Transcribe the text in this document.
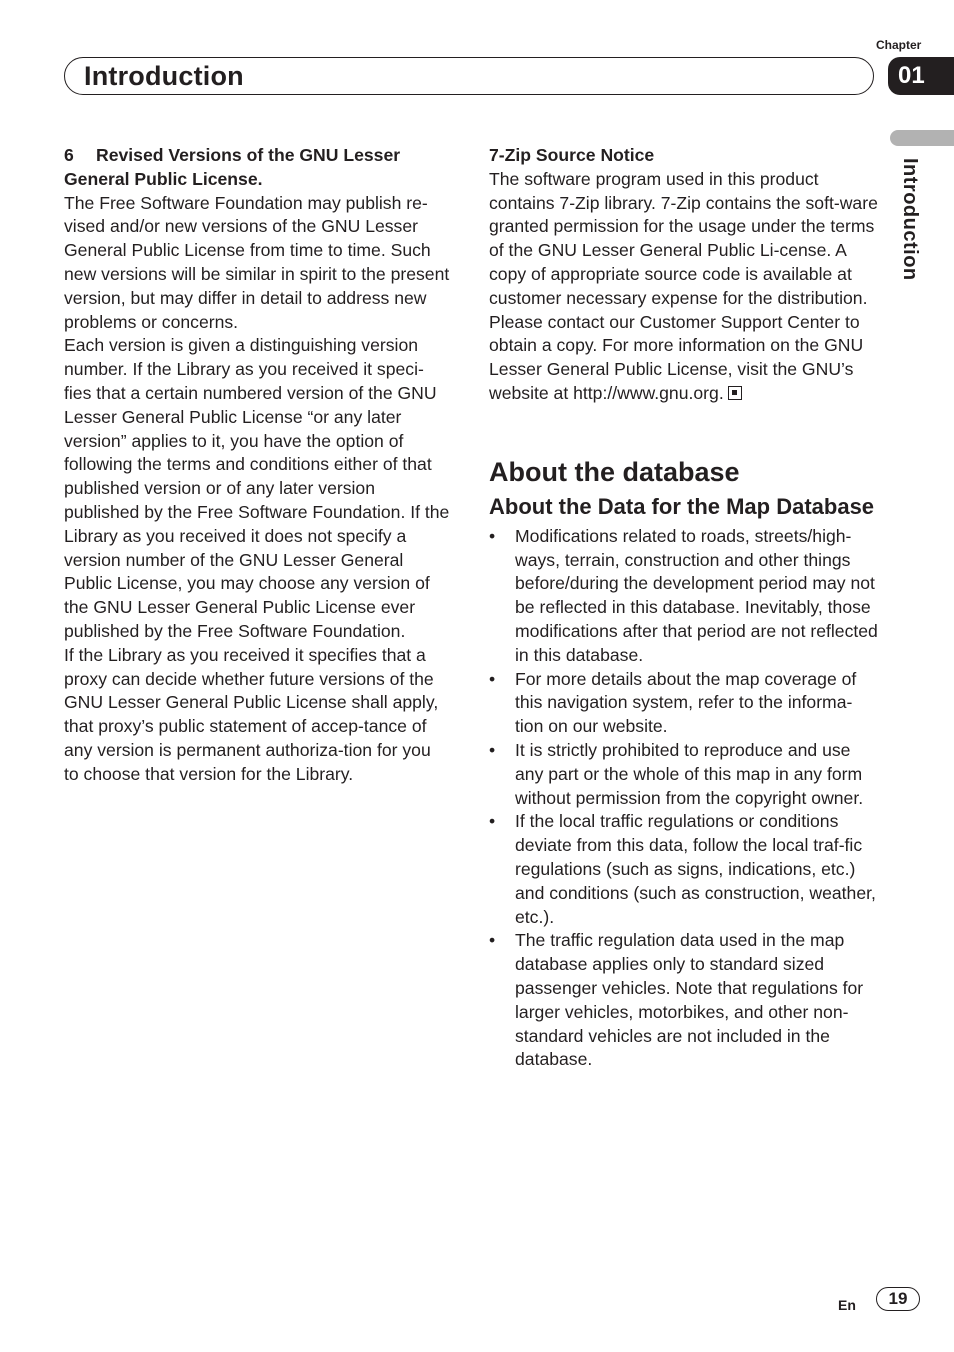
Introduction
Chapter
01
Introduction

6 Revised Versions of the GNU Lesser General Public License.

The Free Software Foundation may publish re-vised and/or new versions of the GNU Lesser General Public License from time to time. Such new versions will be similar in spirit to the present version, but may differ in detail to address new problems or concerns.

Each version is given a distinguishing version number. If the Library as you received it speci-fies that a certain numbered version of the GNU Lesser General Public License “or any later version” applies to it, you have the option of following the terms and conditions either of that published version or of any later version published by the Free Software Foundation. If the Library as you received it does not specify a version number of the GNU Lesser General Public License, you may choose any version of the GNU Lesser General Public License ever published by the Free Software Foundation.

If the Library as you received it specifies that a proxy can decide whether future versions of the GNU Lesser General Public License shall apply, that proxy’s public statement of accep-tance of any version is permanent authoriza-tion for you to choose that version for the Library.

7-Zip Source Notice

The software program used in this product contains 7-Zip library. 7-Zip contains the soft-ware granted permission for the usage under the terms of the GNU Lesser General Public Li-cense. A copy of appropriate source code is available at customer necessary expense for the distribution.

Please contact our Customer Support Center to obtain a copy. For more information on the GNU Lesser General Public License, visit the GNU’s website at http://www.gnu.org.

About the database
About the Data for the Map Database
• Modifications related to roads, streets/high-ways, terrain, construction and other things before/during the development period may not be reflected in this database. Inevitably, those modifications after that period are not reflected in this database.
• For more details about the map coverage of this navigation system, refer to the informa-tion on our website.
• It is strictly prohibited to reproduce and use any part or the whole of this map in any form without permission from the copyright owner.
• If the local traffic regulations or conditions deviate from this data, follow the local traf-fic regulations (such as signs, indications, etc.) and conditions (such as construction, weather, etc.).
• The traffic regulation data used in the map database applies only to standard sized passenger vehicles. Note that regulations for larger vehicles, motorbikes, and other non-standard vehicles are not included in the database.
En	19
